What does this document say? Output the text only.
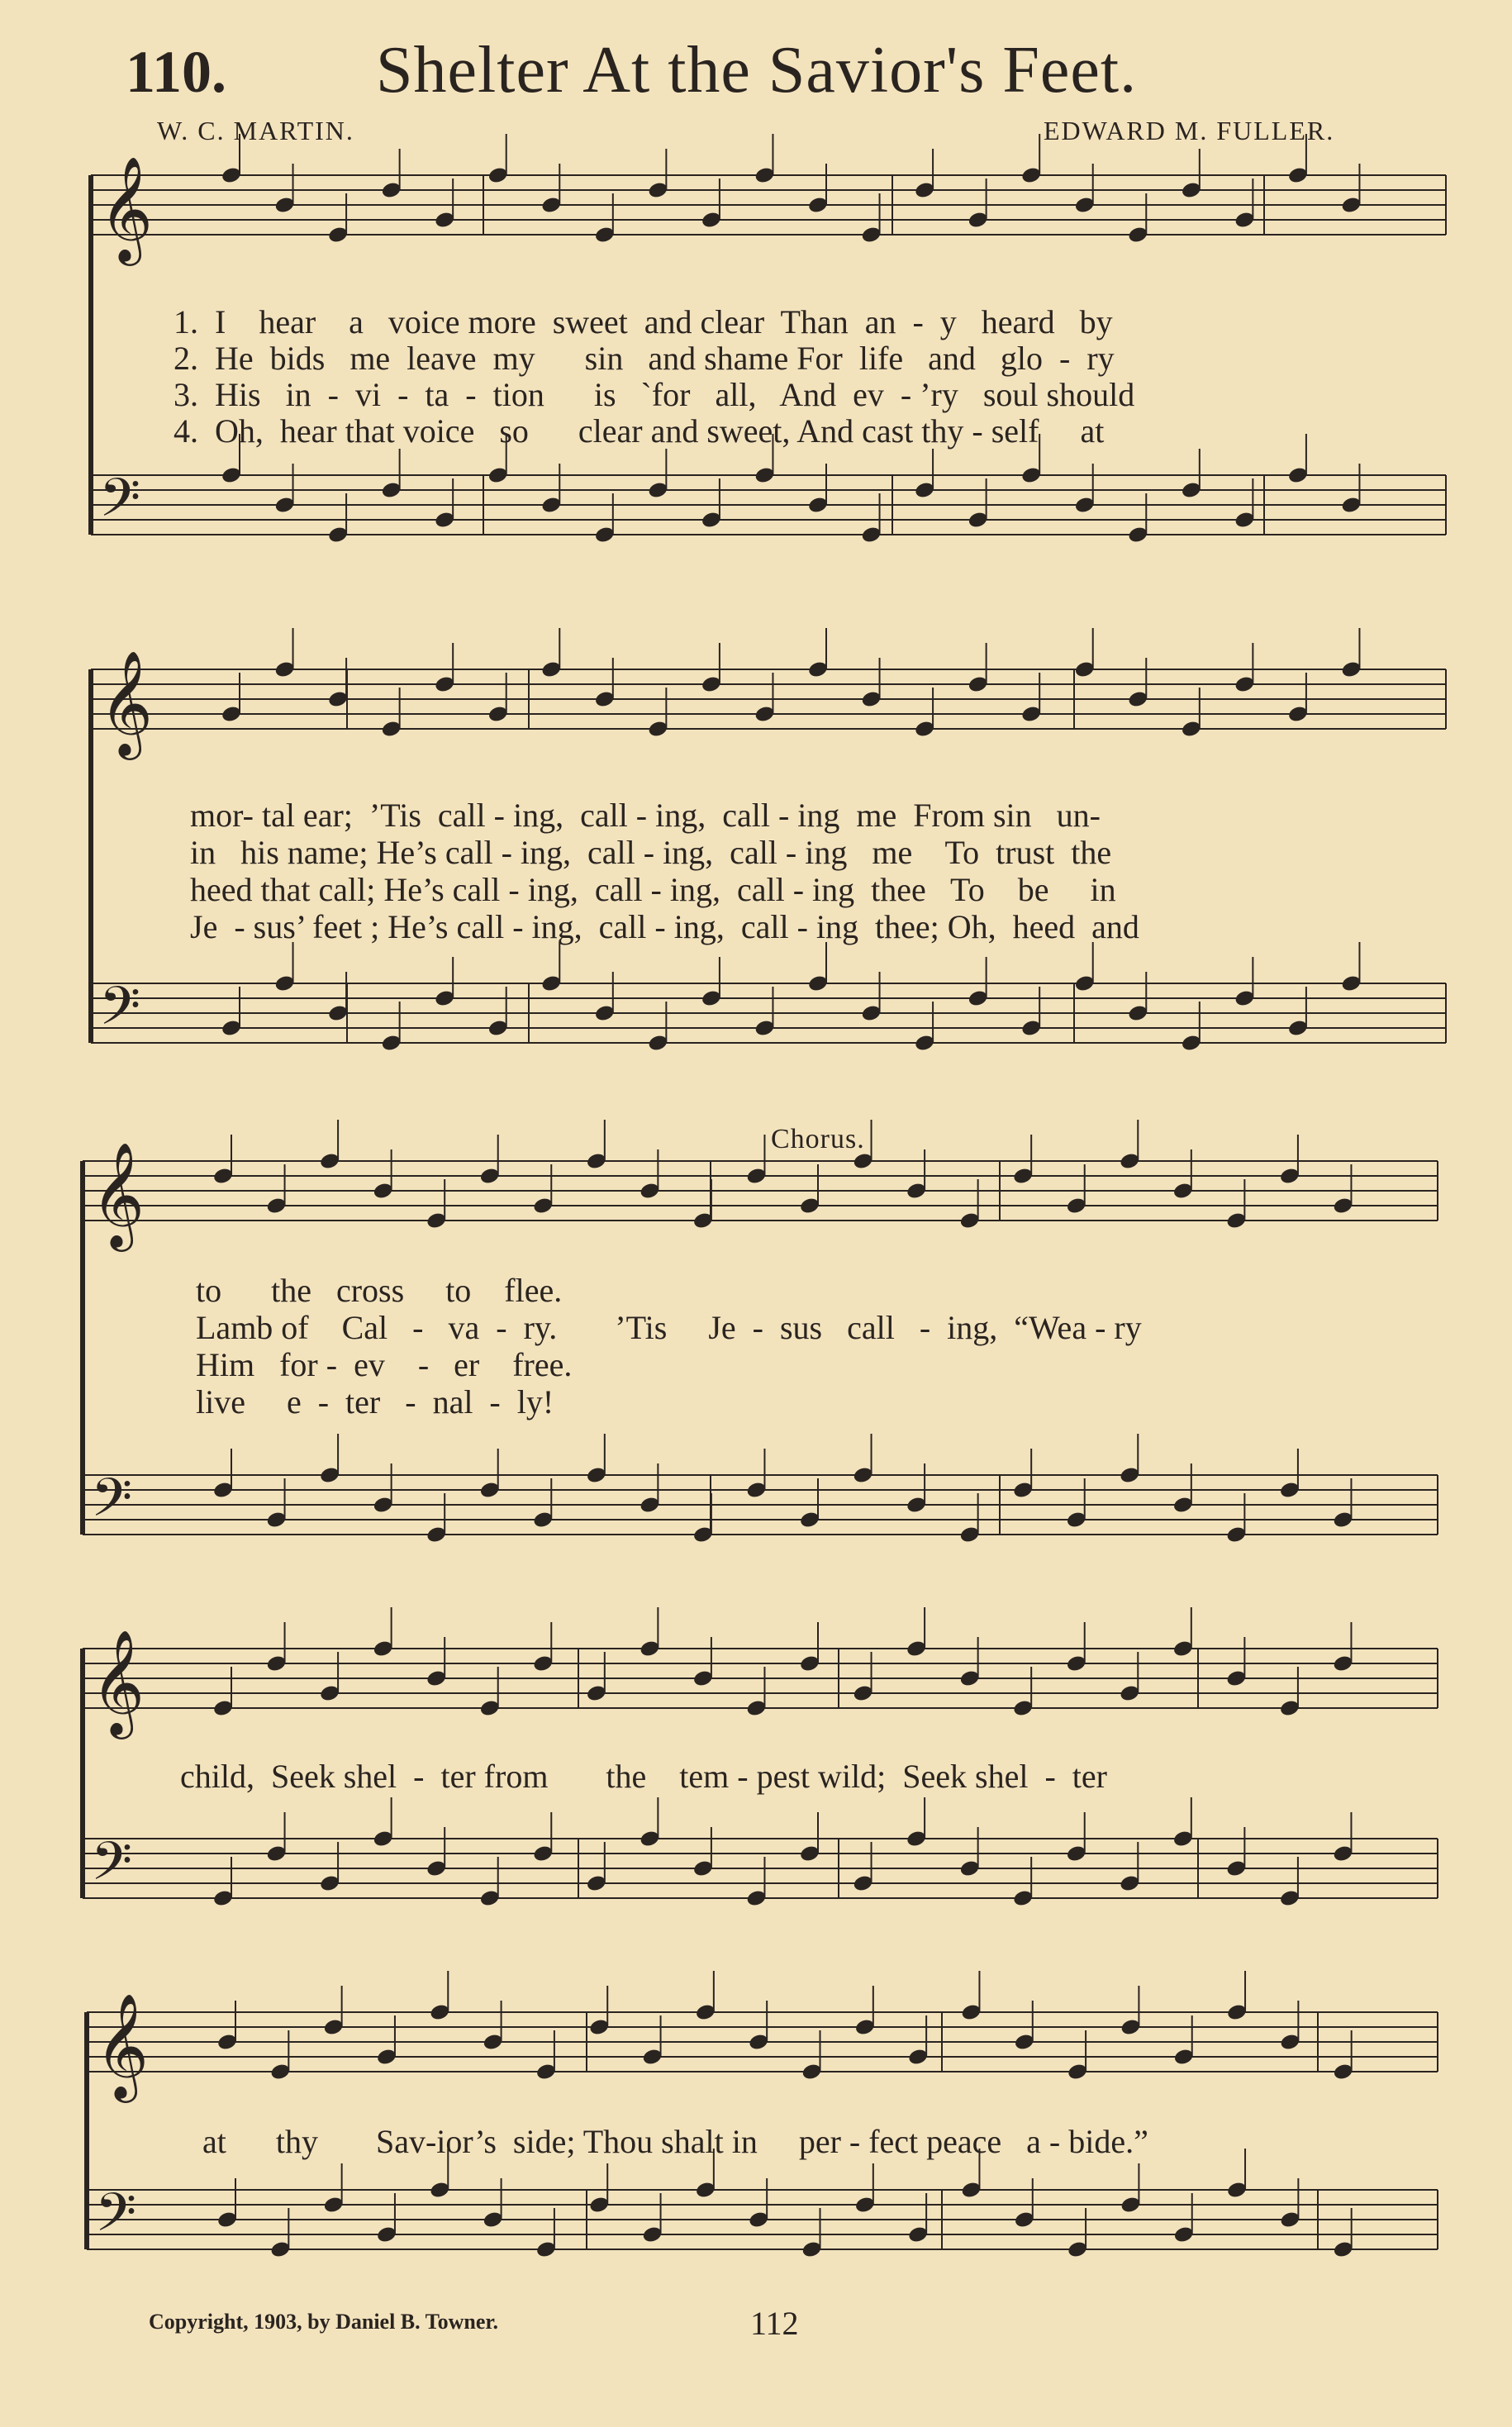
110. Shelter At the Savior's Feet.
W. C. MARTIN.	EDWARD M. FULLER.
𝄞
𝄢
𝄞
𝄢
𝄞
𝄢
𝄞
𝄢
𝄞
𝄢
1.  I    hear    a   voice more  sweet  and clear  Than  an  -  y   heard   by
2.  He  bids   me  leave  my      sin   and shame For  life   and   glo  -  ry
3.  His   in  -  vi  -  ta  -  tion      is   `for   all,   And  ev  - ’ry   soul should
4.  Oh,  hear that voice   so      clear and sweet, And cast thy - self     at
mor- tal ear;  ’Tis  call - ing,  call - ing,  call - ing  me  From sin   un-
in   his name; He’s call - ing,  call - ing,  call - ing   me    To  trust  the
heed that call; He’s call - ing,  call - ing,  call - ing  thee   To    be     in
Je  - sus’ feet ; He’s call - ing,  call - ing,  call - ing  thee; Oh,  heed  and
Chorus.
to      the   cross     to    flee.
Lamb of    Cal   -   va  -  ry.       ’Tis     Je  -  sus   call   -  ing,  “Wea - ry
Him   for -  ev    -   er    free.
live     e  -  ter   -  nal  -  ly!
child,  Seek shel  -  ter from       the    tem - pest wild;  Seek shel  -  ter
at      thy       Sav-ior’s  side; Thou shalt in     per - fect peace   a - bide.”
Copyright, 1903, by Daniel B. Towner.	112
